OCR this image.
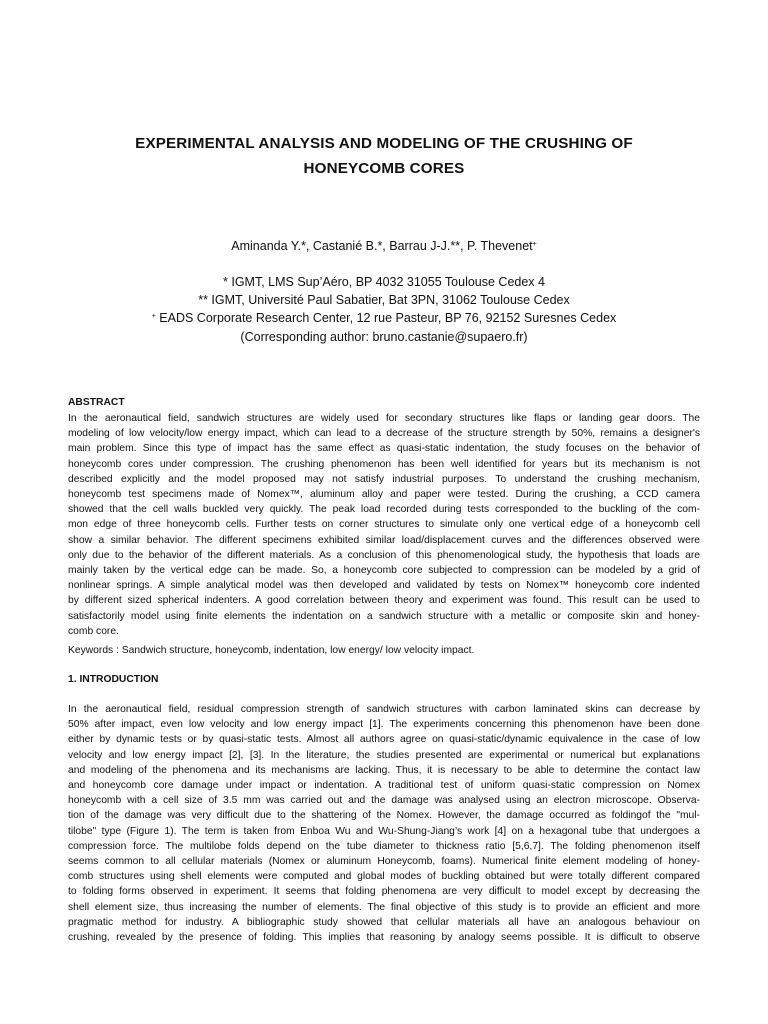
EXPERIMENTAL ANALYSIS AND MODELING OF THE CRUSHING OF
HONEYCOMB CORES

Aminanda Y.*, Castanié B.*, Barrau J-J.**, P. Thevenet+

* IGMT, LMS Sup’Aéro, BP 4032 31055 Toulouse Cedex 4
** IGMT, Université Paul Sabatier, Bat 3PN, 31062 Toulouse Cedex
+ EADS Corporate Research Center, 12 rue Pasteur, BP 76, 92152 Suresnes Cedex
(Corresponding author: bruno.castanie@supaero.fr)
ABSTRACT
In the aeronautical field, sandwich structures are widely used for secondary structures like flaps or landing gear doors. The
modeling of low velocity/low energy impact, which can lead to a decrease of the structure strength by 50%, remains a designer's
main problem. Since this type of impact has the same effect as quasi-static indentation, the study focuses on the behavior of
honeycomb cores under compression. The crushing phenomenon has been well identified for years but its mechanism is not
described explicitly and the model proposed may not satisfy industrial purposes. To understand the crushing mechanism,
honeycomb test specimens made of Nomex™, aluminum alloy and paper were tested. During the crushing, a CCD camera
showed that the cell walls buckled very quickly. The peak load recorded during tests corresponded to the buckling of the com-
mon edge of three honeycomb cells. Further tests on corner structures to simulate only one vertical edge of a honeycomb cell
show a similar behavior. The different specimens exhibited similar load/displacement curves and the differences observed were
only due to the behavior of the different materials. As a conclusion of this phenomenological study, the hypothesis that loads are
mainly taken by the vertical edge can be made. So, a honeycomb core subjected to compression can be modeled by a grid of
nonlinear springs. A simple analytical model was then developed and validated by tests on Nomex™ honeycomb core indented
by different sized spherical indenters. A good correlation between theory and experiment was found. This result can be used to
satisfactorily model using finite elements the indentation on a sandwich structure with a metallic or composite skin and honey-
comb core.

Keywords : Sandwich structure, honeycomb, indentation, low energy/ low velocity impact.

1. INTRODUCTION
In the aeronautical field, residual compression strength of sandwich structures with carbon laminated skins can decrease by
50% after impact, even low velocity and low energy impact [1]. The experiments concerning this phenomenon have been done
either by dynamic tests or by quasi-static tests. Almost all authors agree on quasi-static/dynamic equivalence in the case of low
velocity and low energy impact [2], [3]. In the literature, the studies presented are experimental or numerical but explanations
and modeling of the phenomena and its mechanisms are lacking. Thus, it is necessary to be able to determine the contact law
and honeycomb core damage under impact or indentation. A traditional test of uniform quasi-static compression on Nomex
honeycomb with a cell size of 3.5 mm was carried out and the damage was analysed using an electron microscope. Observa-
tion of the damage was very difficult due to the shattering of the Nomex. However, the damage occurred as foldingof the "mul-
tilobe" type (Figure 1). The term is taken from Enboa Wu and Wu-Shung-Jiang’s work [4] on a hexagonal tube that undergoes a
compression force. The multilobe folds depend on the tube diameter to thickness ratio [5,6,7]. The folding phenomenon itself
seems common to all cellular materials (Nomex or aluminum Honeycomb, foams). Numerical finite element modeling of honey-
comb structures using shell elements were computed and global modes of buckling obtained but were totally different compared
to folding forms observed in experiment. It seems that folding phenomena are very difficult to model except by decreasing the
shell element size, thus increasing the number of elements. The final objective of this study is to provide an efficient and more
pragmatic method for industry. A bibliographic study showed that cellular materials all have an analogous behaviour on
crushing, revealed by the presence of folding. This implies that reasoning by analogy seems possible. It is difficult to observe
